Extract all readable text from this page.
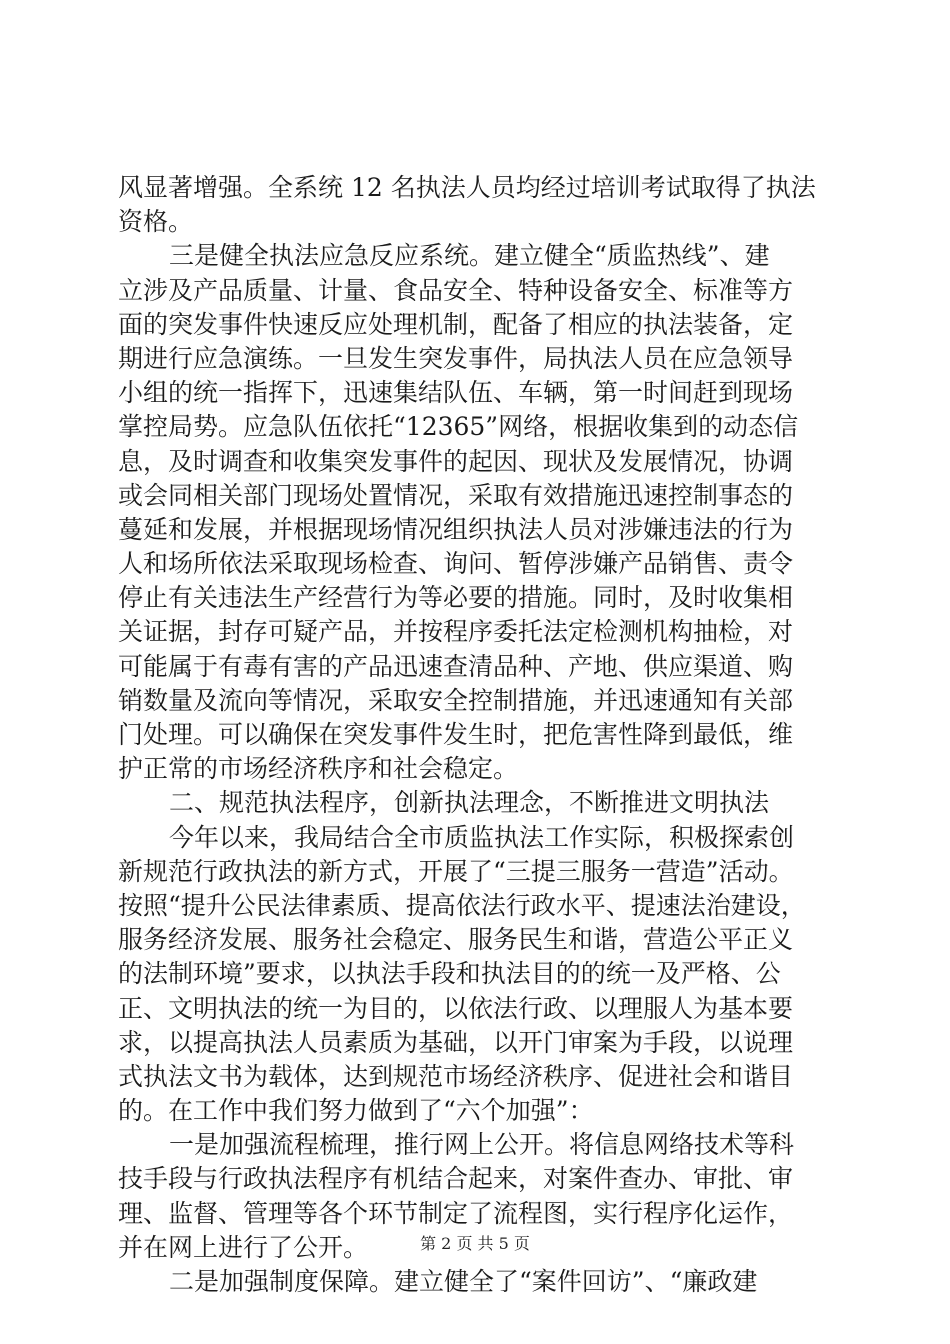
风显著增强。全系统 12 名执法人员均经过培训考试取得了执法
资格。
三是健全执法应急反应系统。建立健全“质监热线”、建
立涉及产品质量、计量、食品安全、特种设备安全、标准等方
面的突发事件快速反应处理机制，配备了相应的执法装备，定
期进行应急演练。一旦发生突发事件，局执法人员在应急领导
小组的统一指挥下，迅速集结队伍、车辆，第一时间赶到现场
掌控局势。应急队伍依托“12365”网络，根据收集到的动态信
息，及时调查和收集突发事件的起因、现状及发展情况，协调
或会同相关部门现场处置情况，采取有效措施迅速控制事态的
蔓延和发展，并根据现场情况组织执法人员对涉嫌违法的行为
人和场所依法采取现场检查、询问、暂停涉嫌产品销售、责令
停止有关违法生产经营行为等必要的措施。同时，及时收集相
关证据，封存可疑产品，并按程序委托法定检测机构抽检，对
可能属于有毒有害的产品迅速查清品种、产地、供应渠道、购
销数量及流向等情况，采取安全控制措施，并迅速通知有关部
门处理。可以确保在突发事件发生时，把危害性降到最低，维
护正常的市场经济秩序和社会稳定。
二、规范执法程序，创新执法理念，不断推进文明执法
今年以来，我局结合全市质监执法工作实际，积极探索创
新规范行政执法的新方式，开展了“三提三服务一营造”活动。
按照“提升公民法律素质、提高依法行政水平、提速法治建设，
服务经济发展、服务社会稳定、服务民生和谐，营造公平正义
的法制环境”要求，以执法手段和执法目的的统一及严格、公
正、文明执法的统一为目的，以依法行政、以理服人为基本要
求，以提高执法人员素质为基础，以开门审案为手段，以说理
式执法文书为载体，达到规范市场经济秩序、促进社会和谐目
的。在工作中我们努力做到了“六个加强”：
一是加强流程梳理，推行网上公开。将信息网络技术等科
技手段与行政执法程序有机结合起来，对案件查办、审批、审
理、监督、管理等各个环节制定了流程图，实行程序化运作，
并在网上进行了公开。
二是加强制度保障。建立健全了“案件回访”、“廉政建
第 2 页 共 5 页
